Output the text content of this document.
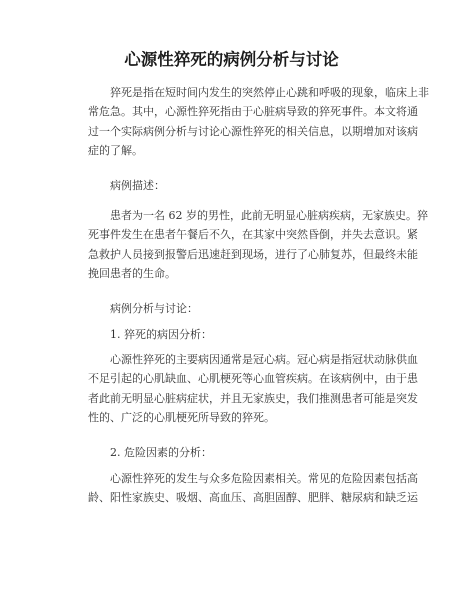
心源性猝死的病例分析与讨论

猝死是指在短时间内发生的突然停止心跳和呼吸的现象，临床上非
常危急。其中，心源性猝死指由于心脏病导致的猝死事件。本文将通
过一个实际病例分析与讨论心源性猝死的相关信息，以期增加对该病
症的了解。

病例描述：

患者为一名 62 岁的男性，此前无明显心脏病疾病，无家族史。猝
死事件发生在患者午餐后不久，在其家中突然昏倒，并失去意识。紧
急救护人员接到报警后迅速赶到现场，进行了心肺复苏，但最终未能
挽回患者的生命。

病例分析与讨论：

1. 猝死的病因分析：

心源性猝死的主要病因通常是冠心病。冠心病是指冠状动脉供血
不足引起的心肌缺血、心肌梗死等心血管疾病。在该病例中，由于患
者此前无明显心脏病症状，并且无家族史，我们推测患者可能是突发
性的、广泛的心肌梗死所导致的猝死。

2. 危险因素的分析：

心源性猝死的发生与众多危险因素相关。常见的危险因素包括高
龄、阳性家族史、吸烟、高血压、高胆固醇、肥胖、糖尿病和缺乏运
